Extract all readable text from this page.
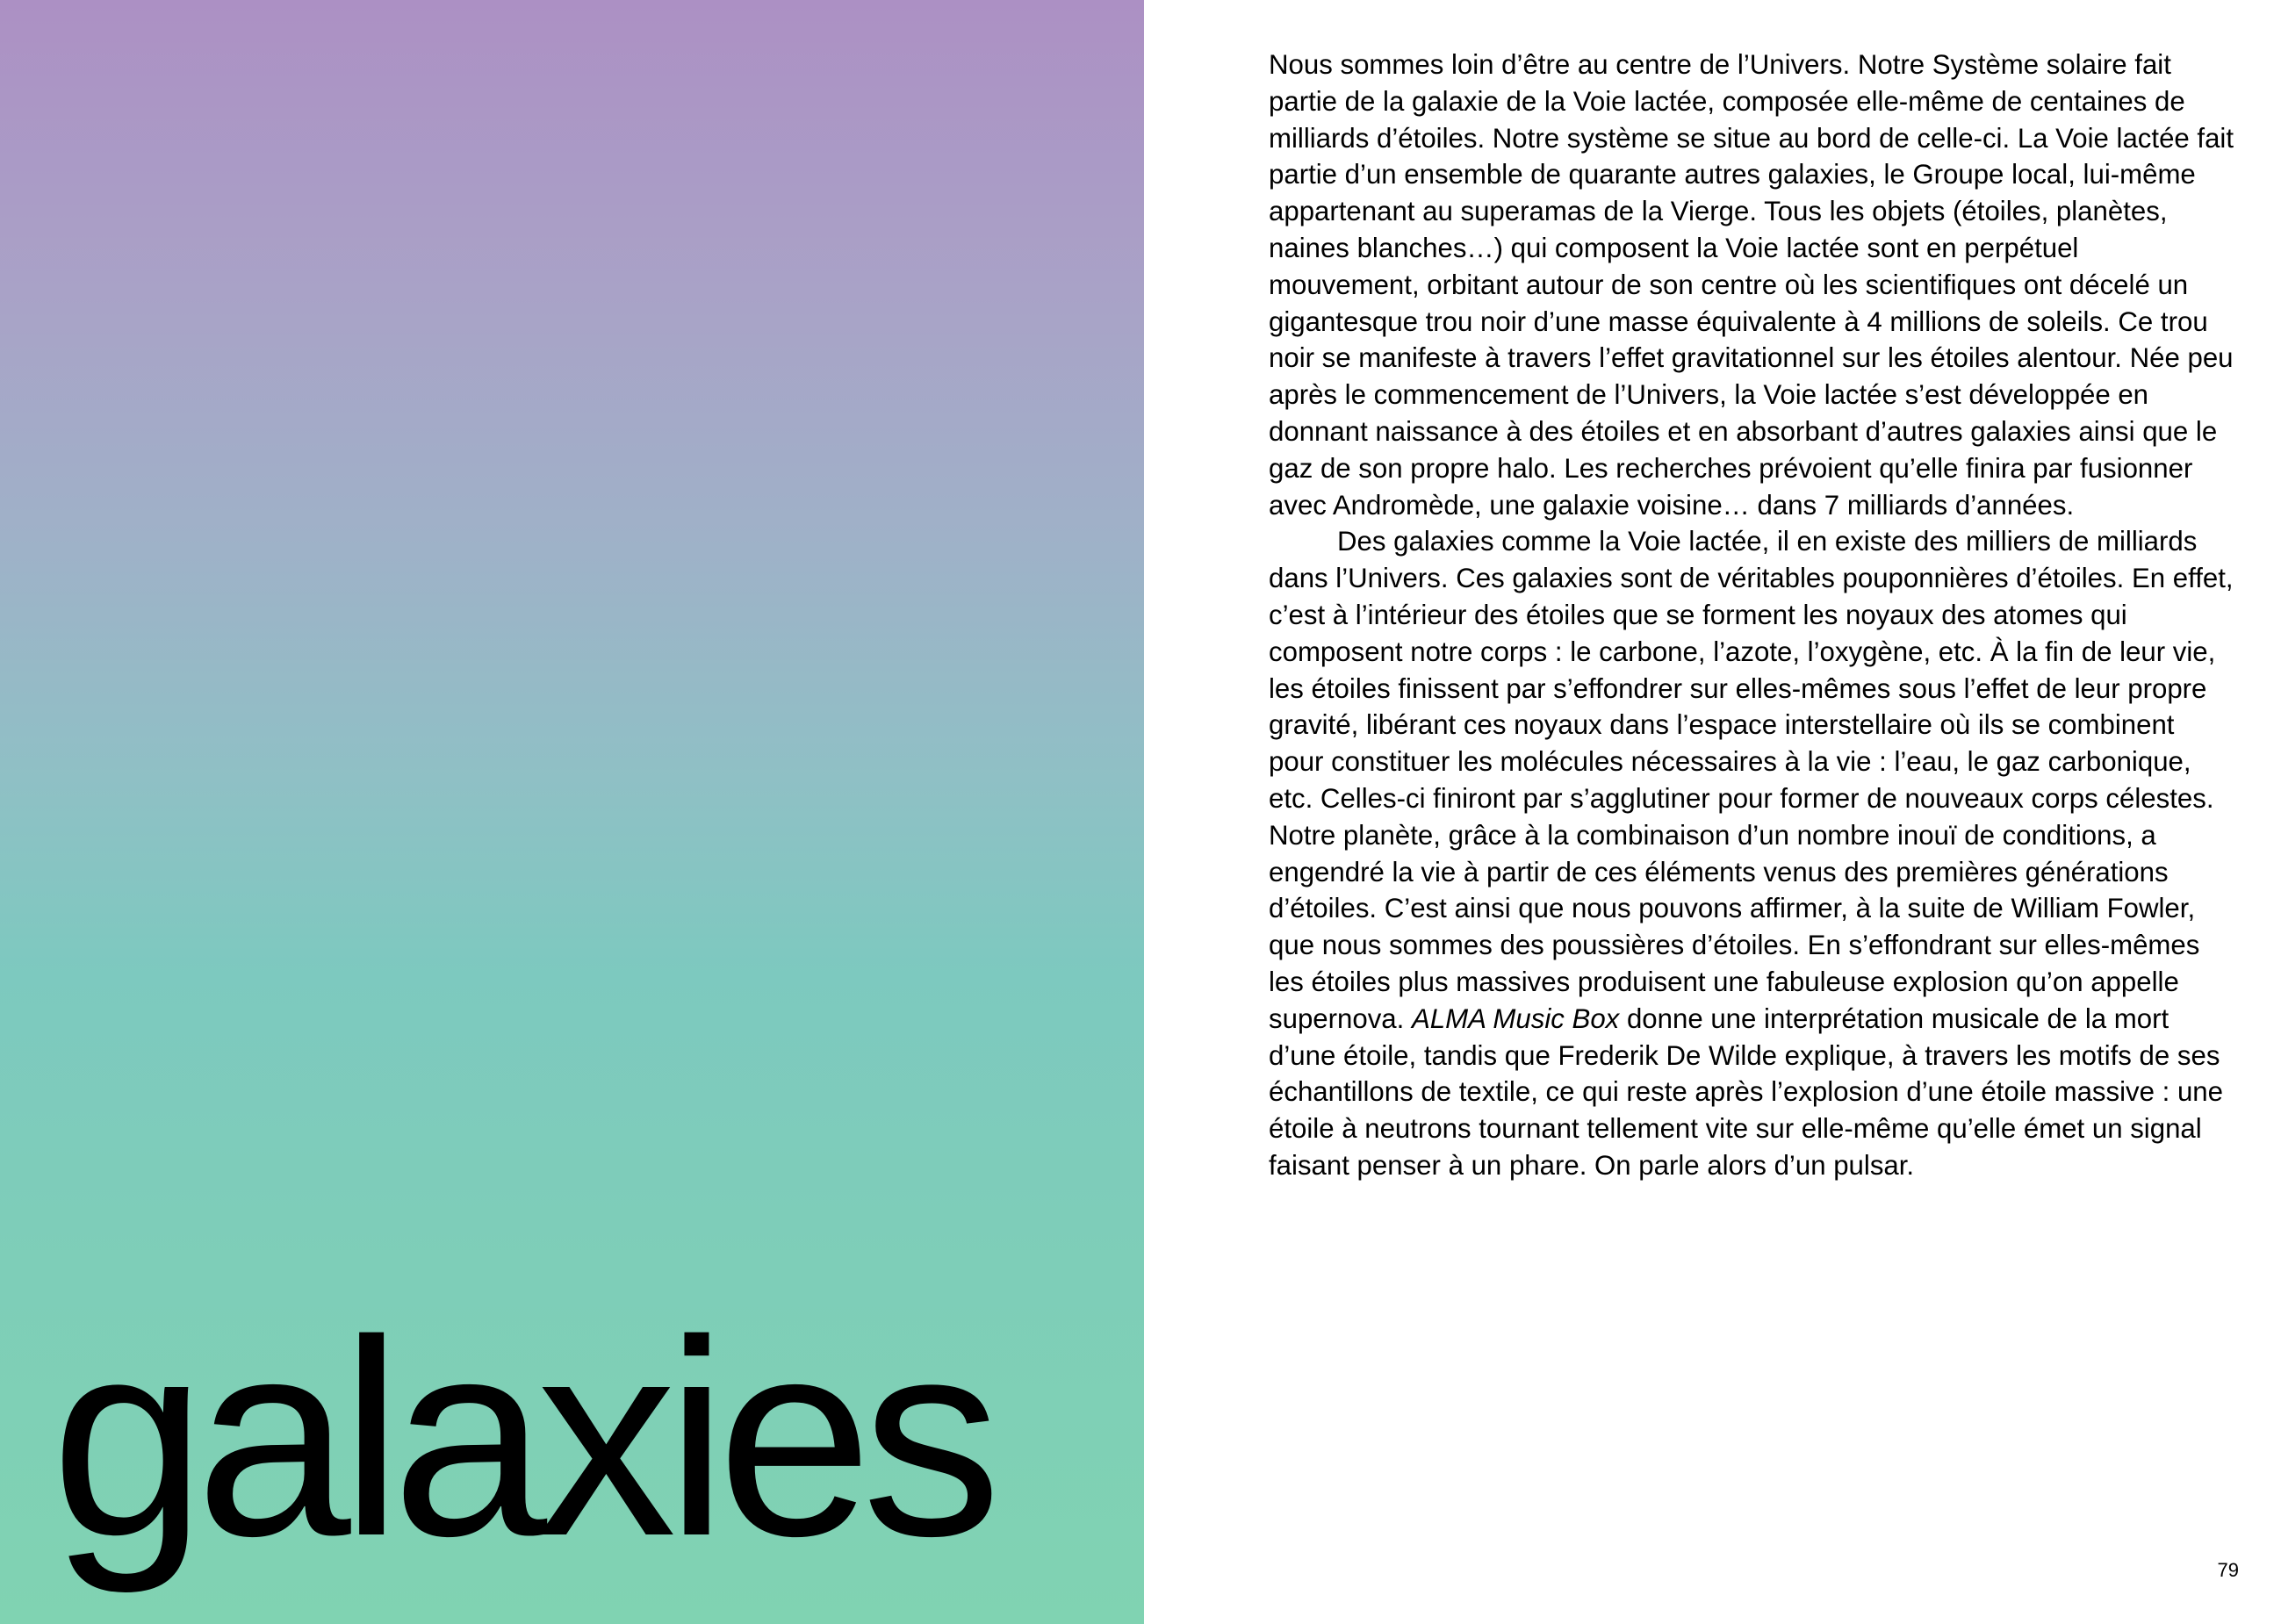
galaxies

Nous sommes loin d’être au centre de l’Univers. Notre Système solaire fait partie de la galaxie de la Voie lactée, composée elle-même de centaines de milliards d’étoiles. Notre système se situe au bord de celle-ci. La Voie lactée fait partie d’un ensemble de quarante autres galaxies, le Groupe local, lui-même appartenant au superamas de la Vierge. Tous les objets (étoiles, planètes, naines blanches…) qui composent la Voie lactée sont en perpétuel mouvement, orbitant autour de son centre où les scientifiques ont décelé un gigantesque trou noir d’une masse équivalente à 4 millions de soleils. Ce trou noir se manifeste à travers l’effet gravitationnel sur les étoiles alentour. Née peu après le commencement de l’Univers, la Voie lactée s’est développée en donnant naissance à des étoiles et en absorbant d’autres galaxies ainsi que le gaz de son propre halo. Les recherches prévoient qu’elle finira par fusionner avec Andromède, une galaxie voisine… dans 7 milliards d’années.

Des galaxies comme la Voie lactée, il en existe des milliers de milliards dans l’Univers. Ces galaxies sont de véritables pouponnières d’étoiles. En effet, c’est à l’intérieur des étoiles que se forment les noyaux des atomes qui composent notre corps : le carbone, l’azote, l’oxygène, etc. À la fin de leur vie, les étoiles finissent par s’effondrer sur elles-mêmes sous l’effet de leur propre gravité, libérant ces noyaux dans l’espace interstellaire où ils se combinent pour constituer les molécules nécessaires à la vie : l’eau, le gaz carbonique, etc. Celles-ci finiront par s’agglutiner pour former de nouveaux corps célestes. Notre planète, grâce à la combinaison d’un nombre inouï de conditions, a engendré la vie à partir de ces éléments venus des premières générations d’étoiles. C’est ainsi que nous pouvons affirmer, à la suite de William Fowler, que nous sommes des poussières d’étoiles. En s’effondrant sur elles-mêmes les étoiles plus massives produisent une fabuleuse explosion qu’on appelle supernova. ALMA Music Box donne une interprétation musicale de la mort d’une étoile, tandis que Frederik De Wilde explique, à travers les motifs de ses échantillons de textile, ce qui reste après l’explosion d’une étoile massive : une étoile à neutrons tournant tellement vite sur elle-même qu’elle émet un signal faisant penser à un phare. On parle alors d’un pulsar.

79
